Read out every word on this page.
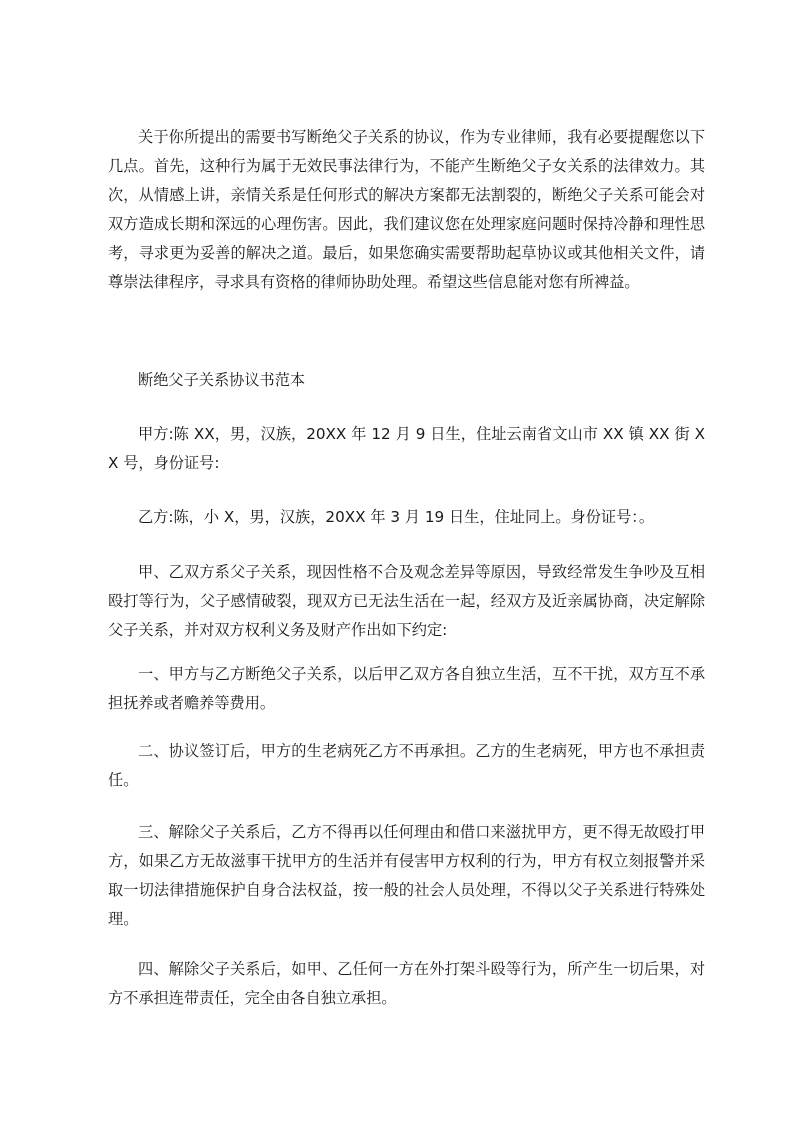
关于你所提出的需要书写断绝父子关系的协议，作为专业律师，我有必要提醒您以下几点。首先，这种行为属于无效民事法律行为，不能产生断绝父子女关系的法律效力。其次，从情感上讲，亲情关系是任何形式的解决方案都无法割裂的，断绝父子关系可能会对双方造成长期和深远的心理伤害。因此，我们建议您在处理家庭问题时保持冷静和理性思考，寻求更为妥善的解决之道。最后，如果您确实需要帮助起草协议或其他相关文件，请尊崇法律程序，寻求具有资格的律师协助处理。希望这些信息能对您有所裨益。

断绝父子关系协议书范本

甲方:陈 XX，男，汉族，20XX 年 12 月 9 日生，住址云南省文山市 XX 镇 XX 街 XX 号，身份证号:

乙方:陈，小 X，男，汉族，20XX 年 3 月 19 日生，住址同上。身份证号：。

甲、乙双方系父子关系，现因性格不合及观念差异等原因，导致经常发生争吵及互相殴打等行为，父子感情破裂，现双方已无法生活在一起，经双方及近亲属协商，决定解除父子关系，并对双方权利义务及财产作出如下约定:

一、甲方与乙方断绝父子关系，以后甲乙双方各自独立生活，互不干扰，双方互不承担抚养或者赡养等费用。

二、协议签订后，甲方的生老病死乙方不再承担。乙方的生老病死，甲方也不承担责任。

三、解除父子关系后，乙方不得再以任何理由和借口来滋扰甲方，更不得无故殴打甲方，如果乙方无故滋事干扰甲方的生活并有侵害甲方权利的行为，甲方有权立刻报警并采取一切法律措施保护自身合法权益，按一般的社会人员处理，不得以父子关系进行特殊处理。

四、解除父子关系后，如甲、乙任何一方在外打架斗殴等行为，所产生一切后果，对方不承担连带责任，完全由各自独立承担。
